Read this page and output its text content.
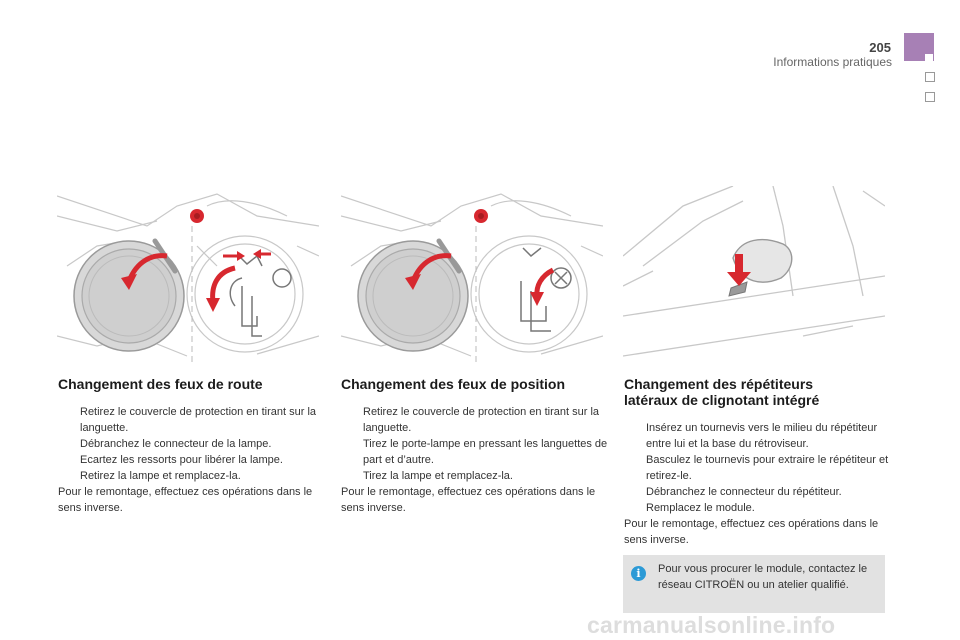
205
Informations pratiques
Changement des feux de route
Retirez le couvercle de protection en tirant sur la languette.
Débranchez le connecteur de la lampe.
Ecartez les ressorts pour libérer la lampe.
Retirez la lampe et remplacez-la.
Pour le remontage, effectuez ces opérations dans le sens inverse.
Changement des feux de position
Retirez le couvercle de protection en tirant sur la languette.
Tirez le porte-lampe en pressant les languettes de part et d’autre.
Tirez la lampe et remplacez-la.
Pour le remontage, effectuez ces opérations dans le sens inverse.
Changement des répétiteurs latéraux de clignotant intégré
Insérez un tournevis vers le milieu du répétiteur entre lui et la base du rétroviseur.
Basculez le tournevis pour extraire le répétiteur et retirez-le.
Débranchez le connecteur du répétiteur.
Remplacez le module.
Pour le remontage, effectuez ces opérations dans le sens inverse.
i	Pour vous procurer le module, contactez le réseau CITROËN ou un atelier qualifié.
carmanualsonline.info
